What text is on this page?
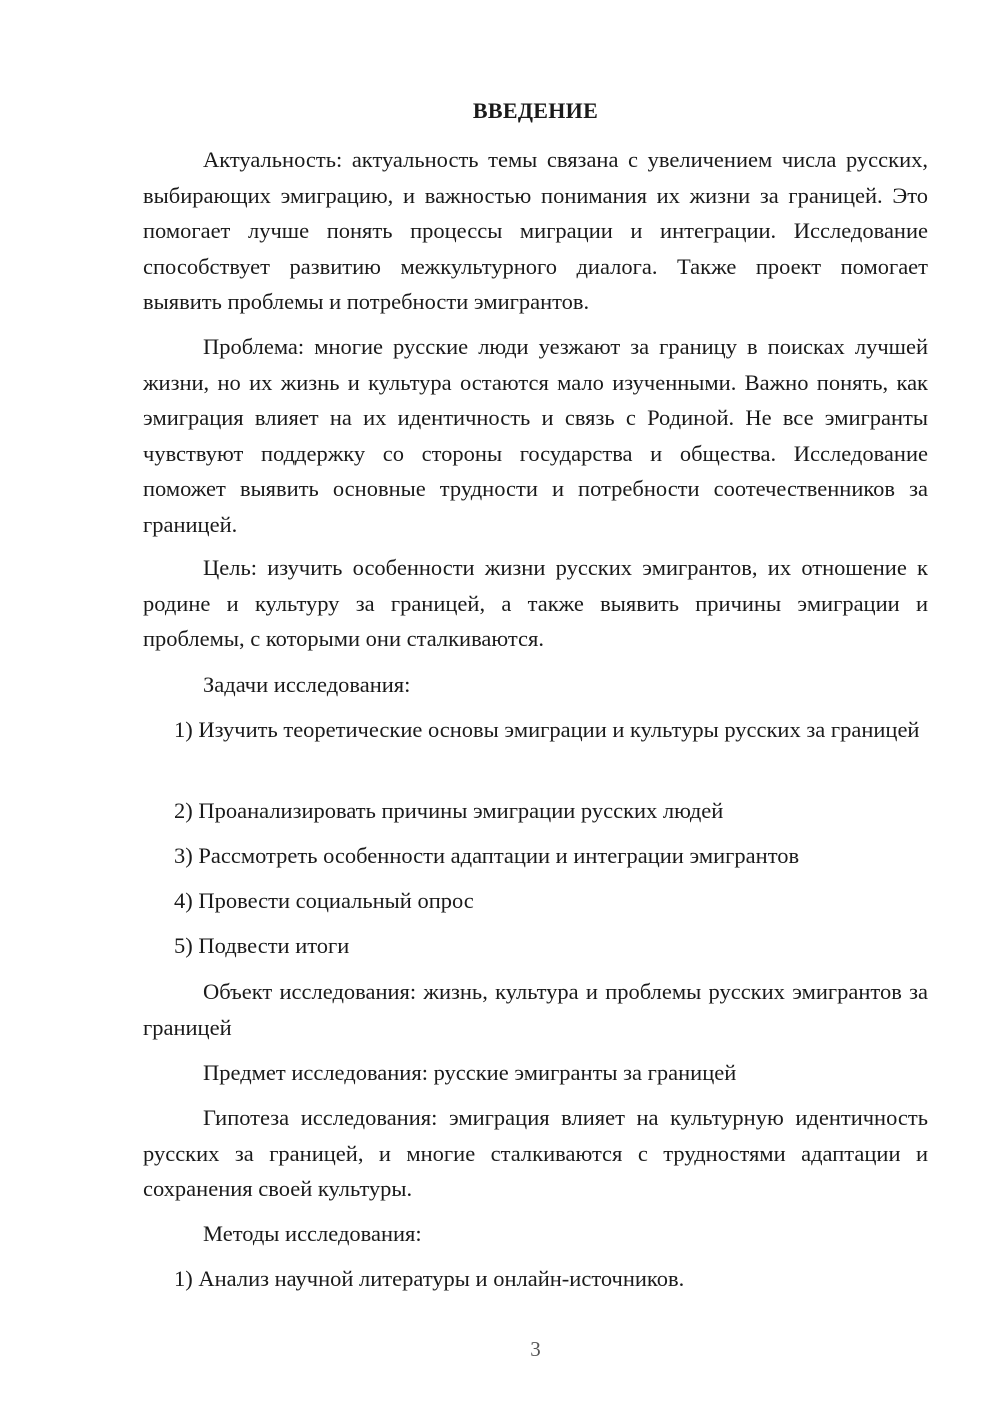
ВВЕДЕНИЕ

Актуальность: актуальность темы связана с увеличением числа русских, выбирающих эмиграцию, и важностью понимания их жизни за границей. Это помогает лучше понять процессы миграции и интеграции. Исследование способствует развитию межкультурного диалога. Также проект помогает выявить проблемы и потребности эмигрантов.

Проблема: многие русские люди уезжают за границу в поисках лучшей жизни, но их жизнь и культура остаются мало изученными. Важно понять, как эмиграция влияет на их идентичность и связь с Родиной. Не все эмигранты чувствуют поддержку со стороны государства и общества. Исследование поможет выявить основные трудности и потребности соотечественников за границей.

Цель: изучить особенности жизни русских эмигрантов, их отношение к родине и культуру за границей, а также выявить причины эмиграции и проблемы, с которыми они сталкиваются.

Задачи исследования:

1) Изучить теоретические основы эмиграции и культуры русских за границей

2) Проанализировать причины эмиграции русских людей

3) Рассмотреть особенности адаптации и интеграции эмигрантов

4) Провести социальный опрос

5) Подвести итоги

Объект исследования: жизнь, культура и проблемы русских эмигрантов за границей

Предмет исследования: русские эмигранты за границей

Гипотеза исследования: эмиграция влияет на культурную идентичность русских за границей, и многие сталкиваются с трудностями адаптации и сохранения своей культуры.

Методы исследования:

1) Анализ научной литературы и онлайн-источников.

3
